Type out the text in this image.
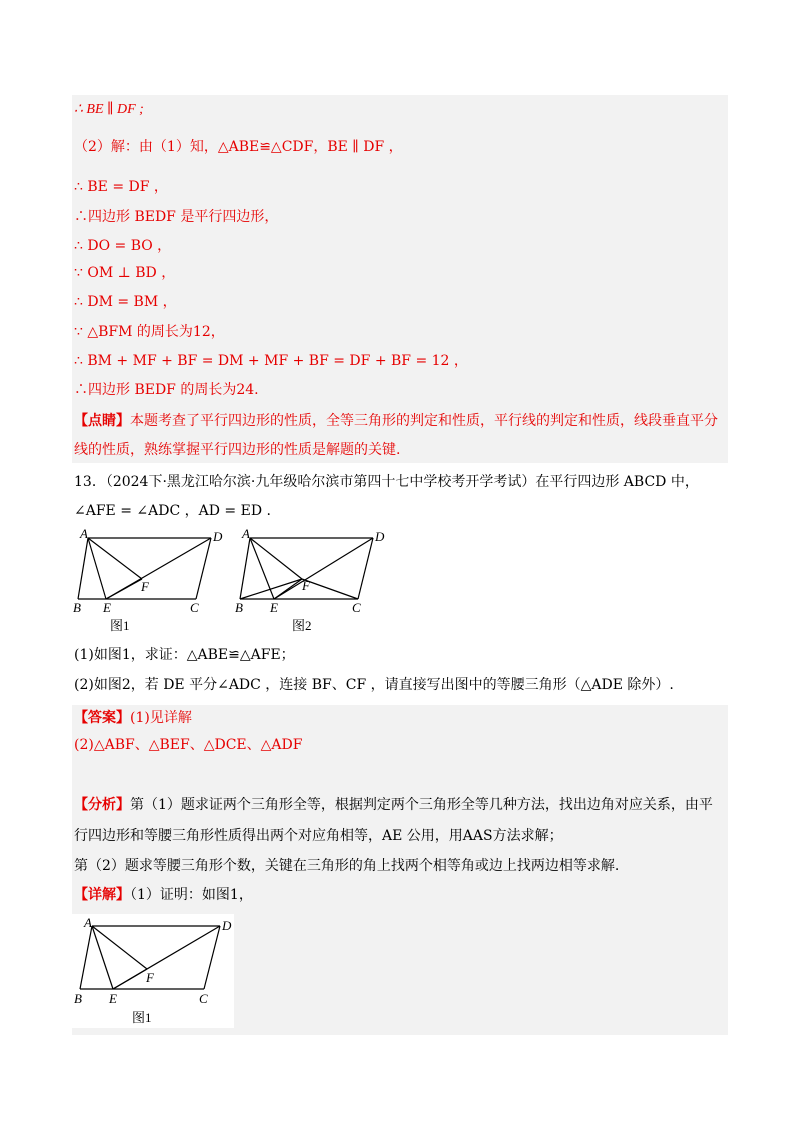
∴ BE ∥ DF ;
（2）解：由（1）知，△ABE≌△CDF，BE ∥ DF ，
∴ BE = DF ，
∴四边形 BEDF 是平行四边形，
∴ DO = BO ，
∵ OM ⊥ BD ，
∴ DM = BM ，
∵ △BFM 的周长为12，
∴ BM + MF + BF = DM + MF + BF = DF + BF = 12 ，
∴四边形 BEDF 的周长为24.
【点睛】本题考查了平行四边形的性质，全等三角形的判定和性质，平行线的判定和性质，线段垂直平分
线的性质，熟练掌握平行四边形的性质是解题的关键.
13．（2024下·黑龙江哈尔滨·九年级哈尔滨市第四十七中学校考开学考试）在平行四边形 ABCD 中，
∠AFE = ∠ADC ，AD = ED .
A	D
B E	C
F
图1
A	D
B E	C
F
图2
(1)如图1，求证：△ABE≌△AFE；
(2)如图2，若 DE 平分∠ADC ，连接 BF、CF ，请直接写出图中的等腰三角形（△ADE 除外）.
【答案】(1)见详解
(2)△ABF、△BEF、△DCE、△ADF
【分析】第（1）题求证两个三角形全等，根据判定两个三角形全等几种方法，找出边角对应关系，由平
行四边形和等腰三角形性质得出两个对应角相等，AE 公用，用AAS方法求解；
第（2）题求等腰三角形个数，关键在三角形的角上找两个相等角或边上找两边相等求解.
【详解】（1）证明：如图1，
A	D
B E	C
F
图1
